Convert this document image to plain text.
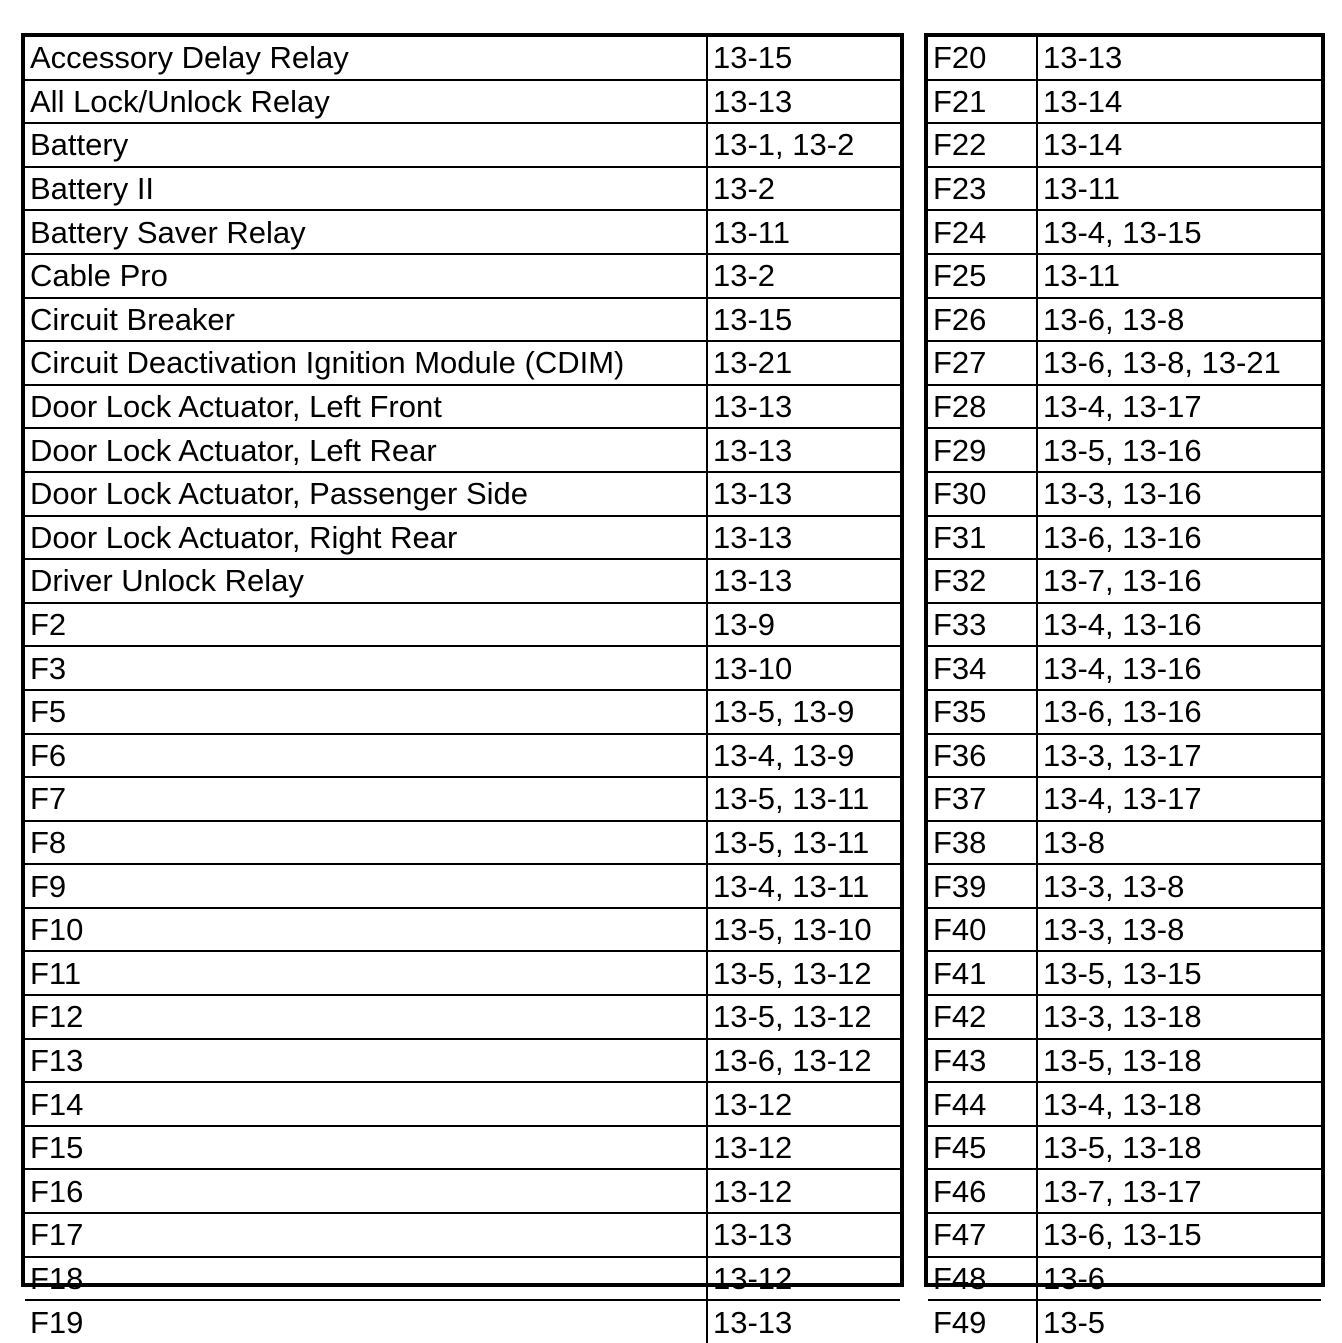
Accessory Delay Relay	13-15
All Lock/Unlock Relay	13-13
Battery	13-1, 13-2
Battery II	13-2
Battery Saver Relay	13-11
Cable Pro	13-2
Circuit Breaker	13-15
Circuit Deactivation Ignition Module (CDIM)	13-21
Door Lock Actuator, Left Front	13-13
Door Lock Actuator, Left Rear	13-13
Door Lock Actuator, Passenger Side	13-13
Door Lock Actuator, Right Rear	13-13
Driver Unlock Relay	13-13
F2	13-9
F3	13-10
F5	13-5, 13-9
F6	13-4, 13-9
F7	13-5, 13-11
F8	13-5, 13-11
F9	13-4, 13-11
F10	13-5, 13-10
F11	13-5, 13-12
F12	13-5, 13-12
F13	13-6, 13-12
F14	13-12
F15	13-12
F16	13-12
F17	13-13
F18	13-12
F19	13-13
F20	13-13
F21	13-14
F22	13-14
F23	13-11
F24	13-4, 13-15
F25	13-11
F26	13-6, 13-8
F27	13-6, 13-8, 13-21
F28	13-4, 13-17
F29	13-5, 13-16
F30	13-3, 13-16
F31	13-6, 13-16
F32	13-7, 13-16
F33	13-4, 13-16
F34	13-4, 13-16
F35	13-6, 13-16
F36	13-3, 13-17
F37	13-4, 13-17
F38	13-8
F39	13-3, 13-8
F40	13-3, 13-8
F41	13-5, 13-15
F42	13-3, 13-18
F43	13-5, 13-18
F44	13-4, 13-18
F45	13-5, 13-18
F46	13-7, 13-17
F47	13-6, 13-15
F48	13-6
F49	13-5
